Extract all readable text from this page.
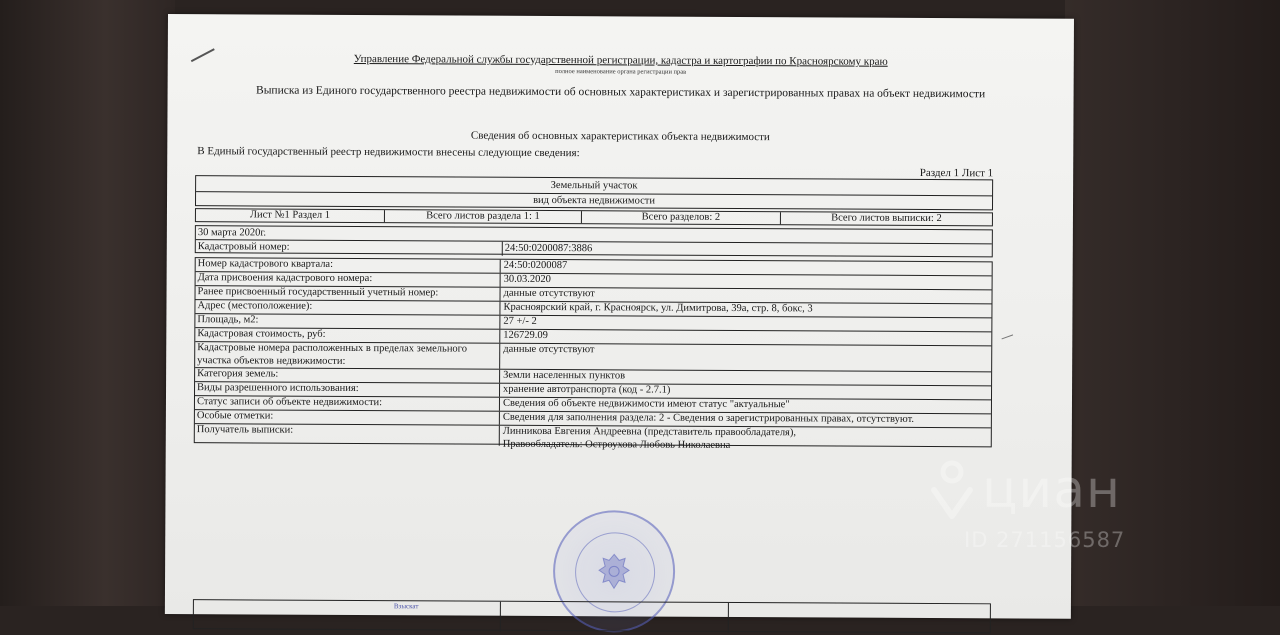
Управление Федеральной службы государственной регистрации, кадастра и картографии по Красноярскому краю
полное наименование органа регистрации прав
Выписка из Единого государственного реестра недвижимости об основных характеристиках и зарегистрированных правах на объект недвижимости
Сведения об основных характеристиках объекта недвижимости
В Единый государственный реестр недвижимости внесены следующие сведения:
Раздел 1 Лист 1
Земельный участок
вид объекта недвижимости
Лист №1 Раздел 1	Всего листов раздела 1: 1	Всего разделов: 2	Всего листов выписки: 2
30 марта 2020г.
Кадастровый номер:	24:50:0200087:3886
Номер кадастрового квартала:	24:50:0200087
Дата присвоения кадастрового номера:	30.03.2020
Ранее присвоенный государственный учетный номер:	данные отсутствуют
Адрес (местоположение):	Красноярский край, г. Красноярск, ул. Димитрова, 39а, стр. 8, бокс, 3
Площадь, м2:	27 +/- 2
Кадастровая стоимость, руб:	126729.09
Кадастровые номера расположенных в пределах земельного
участка объектов недвижимости:
данные отсутствуют
Категория земель:	Земли населенных пунктов
Виды разрешенного использования:	хранение автотранспорта (код - 2.7.1)
Статус записи об объекте недвижимости:	Сведения об объекте недвижимости имеют статус "актуальные"
Особые отметки:	Сведения для заполнения раздела: 2 - Сведения о зарегистрированных правах, отсутствуют.
Получатель выписки:	Линникова Евгения Андреевна (представитель правообладателя),
Правообладатель: Остроухова Любовь Николаевна
Взыскат
циан
ID 271156587
